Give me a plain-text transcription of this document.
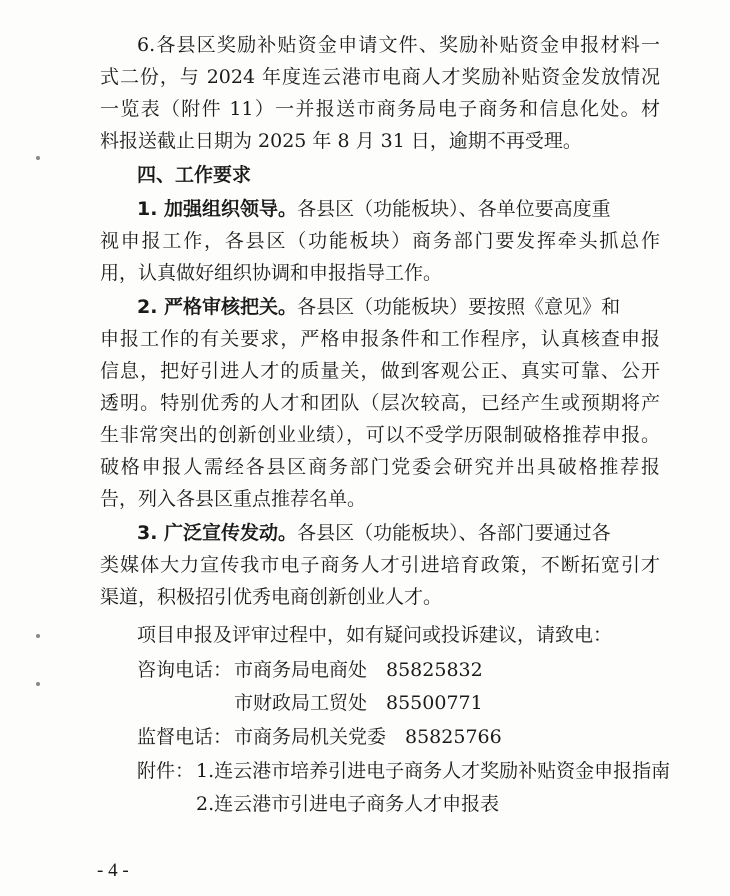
6.各县区奖励补贴资金申请文件、奖励补贴资金申报材料一
式二份，与 2024 年度连云港市电商人才奖励补贴资金发放情况
一览表（附件 11）一并报送市商务局电子商务和信息化处。材
料报送截止日期为 2025 年 8 月 31 日，逾期不再受理。
四、工作要求
1. 加强组织领导。各县区（功能板块）、各单位要高度重
视申报工作，各县区（功能板块）商务部门要发挥牵头抓总作
用，认真做好组织协调和申报指导工作。
2. 严格审核把关。各县区（功能板块）要按照《意见》和
申报工作的有关要求，严格申报条件和工作程序，认真核查申报
信息，把好引进人才的质量关，做到客观公正、真实可靠、公开
透明。特别优秀的人才和团队（层次较高，已经产生或预期将产
生非常突出的创新创业业绩），可以不受学历限制破格推荐申报。
破格申报人需经各县区商务部门党委会研究并出具破格推荐报
告，列入各县区重点推荐名单。
3. 广泛宣传发动。各县区（功能板块）、各部门要通过各
类媒体大力宣传我市电子商务人才引进培育政策，不断拓宽引才
渠道，积极招引优秀电商创新创业人才。
项目申报及评审过程中，如有疑问或投诉建议，请致电：
咨询电话： 市商务局电商处　85825832
市财政局工贸处　85500771
监督电话： 市商务局机关党委　85825766
附件： 1.连云港市培养引进电子商务人才奖励补贴资金申报指南
2.连云港市引进电子商务人才申报表
- 4 -
